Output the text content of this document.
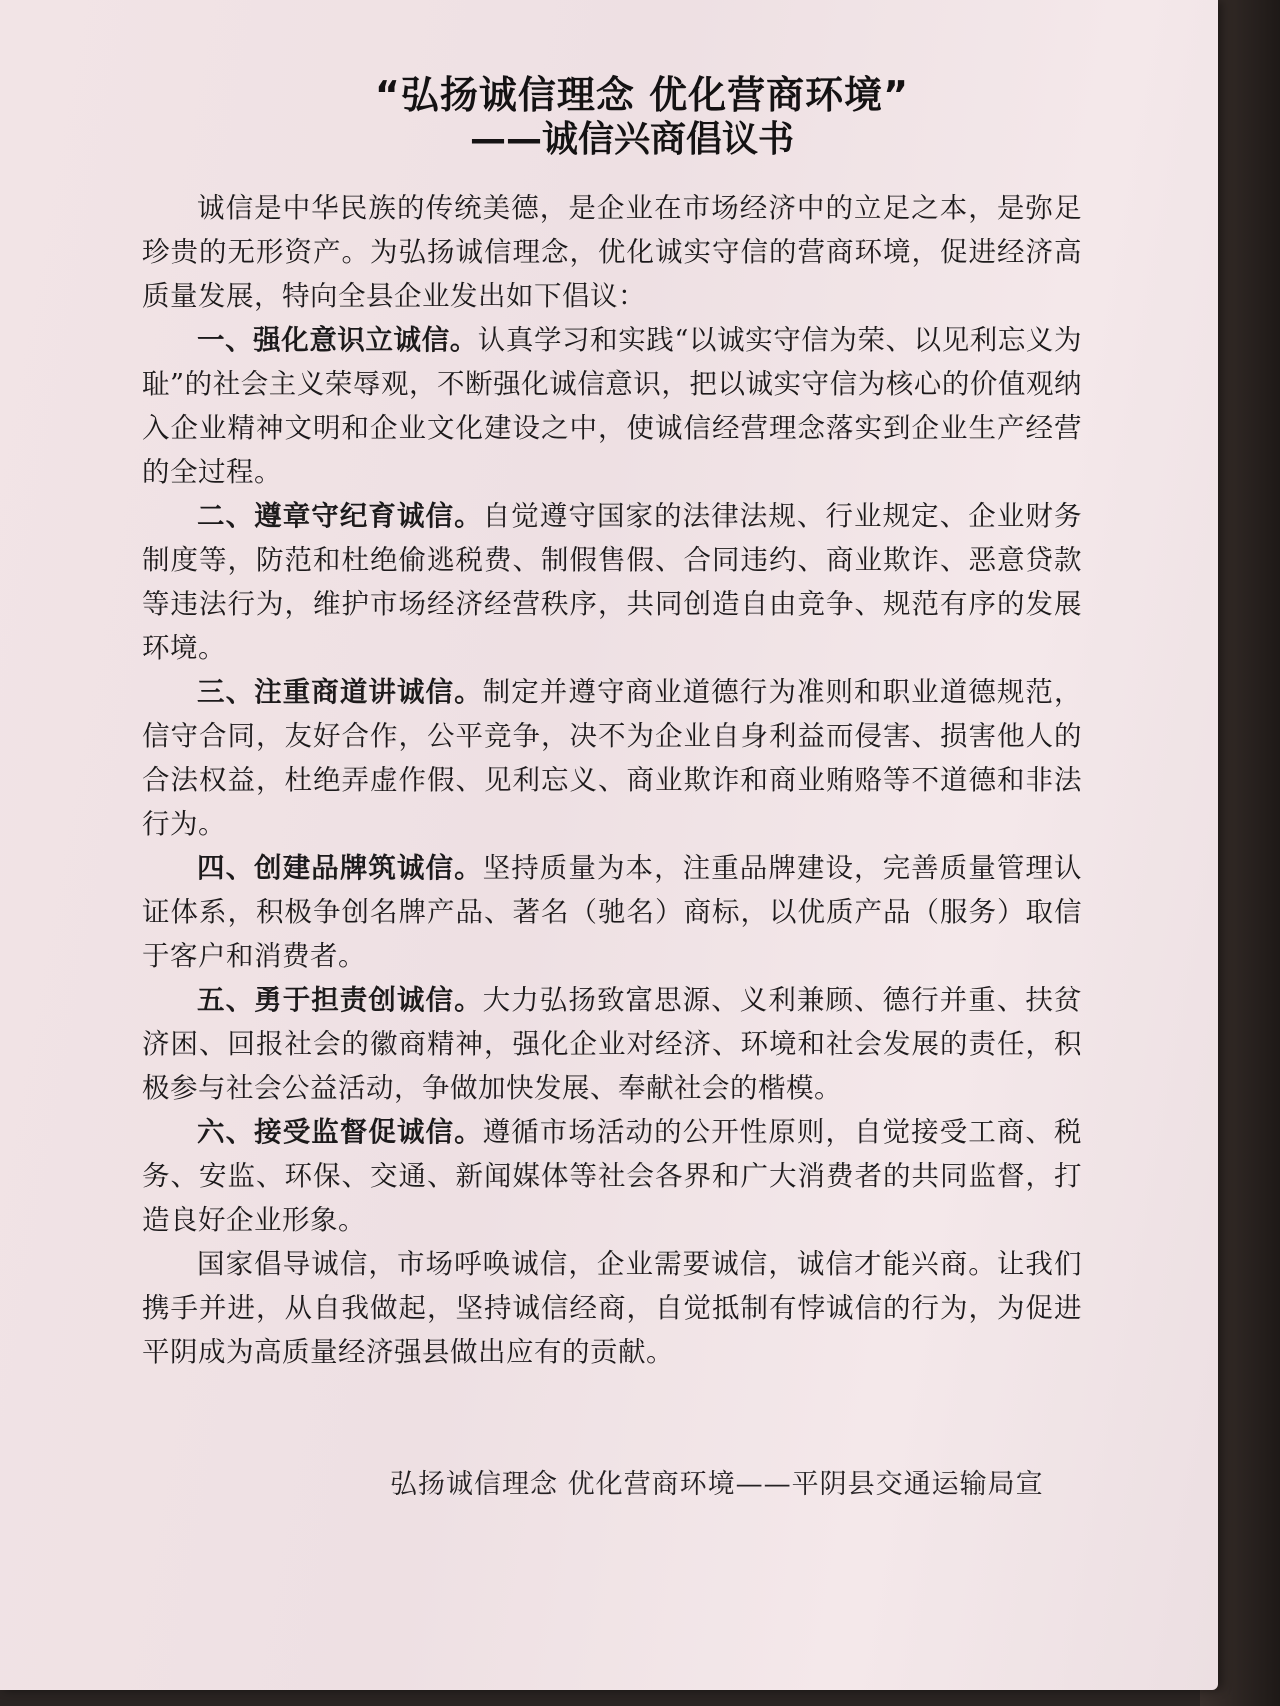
“弘扬诚信理念 优化营商环境”
——诚信兴商倡议书

诚信是中华民族的传统美德，是企业在市场经济中的立足之本，是弥足珍贵的无形资产。为弘扬诚信理念，优化诚实守信的营商环境，促进经济高质量发展，特向全县企业发出如下倡议：

一、强化意识立诚信。认真学习和实践“以诚实守信为荣、以见利忘义为耻”的社会主义荣辱观，不断强化诚信意识，把以诚实守信为核心的价值观纳入企业精神文明和企业文化建设之中，使诚信经营理念落实到企业生产经营的全过程。

二、遵章守纪育诚信。自觉遵守国家的法律法规、行业规定、企业财务制度等，防范和杜绝偷逃税费、制假售假、合同违约、商业欺诈、恶意贷款等违法行为，维护市场经济经营秩序，共同创造自由竞争、规范有序的发展环境。

三、注重商道讲诚信。制定并遵守商业道德行为准则和职业道德规范，信守合同，友好合作，公平竞争，决不为企业自身利益而侵害、损害他人的合法权益，杜绝弄虚作假、见利忘义、商业欺诈和商业贿赂等不道德和非法行为。

四、创建品牌筑诚信。坚持质量为本，注重品牌建设，完善质量管理认证体系，积极争创名牌产品、著名（驰名）商标，以优质产品（服务）取信于客户和消费者。

五、勇于担责创诚信。大力弘扬致富思源、义利兼顾、德行并重、扶贫济困、回报社会的徽商精神，强化企业对经济、环境和社会发展的责任，积极参与社会公益活动，争做加快发展、奉献社会的楷模。

六、接受监督促诚信。遵循市场活动的公开性原则，自觉接受工商、税务、安监、环保、交通、新闻媒体等社会各界和广大消费者的共同监督，打造良好企业形象。

国家倡导诚信，市场呼唤诚信，企业需要诚信，诚信才能兴商。让我们携手并进，从自我做起，坚持诚信经商，自觉抵制有悖诚信的行为，为促进平阴成为高质量经济强县做出应有的贡献。

弘扬诚信理念 优化营商环境——平阴县交通运输局宣
